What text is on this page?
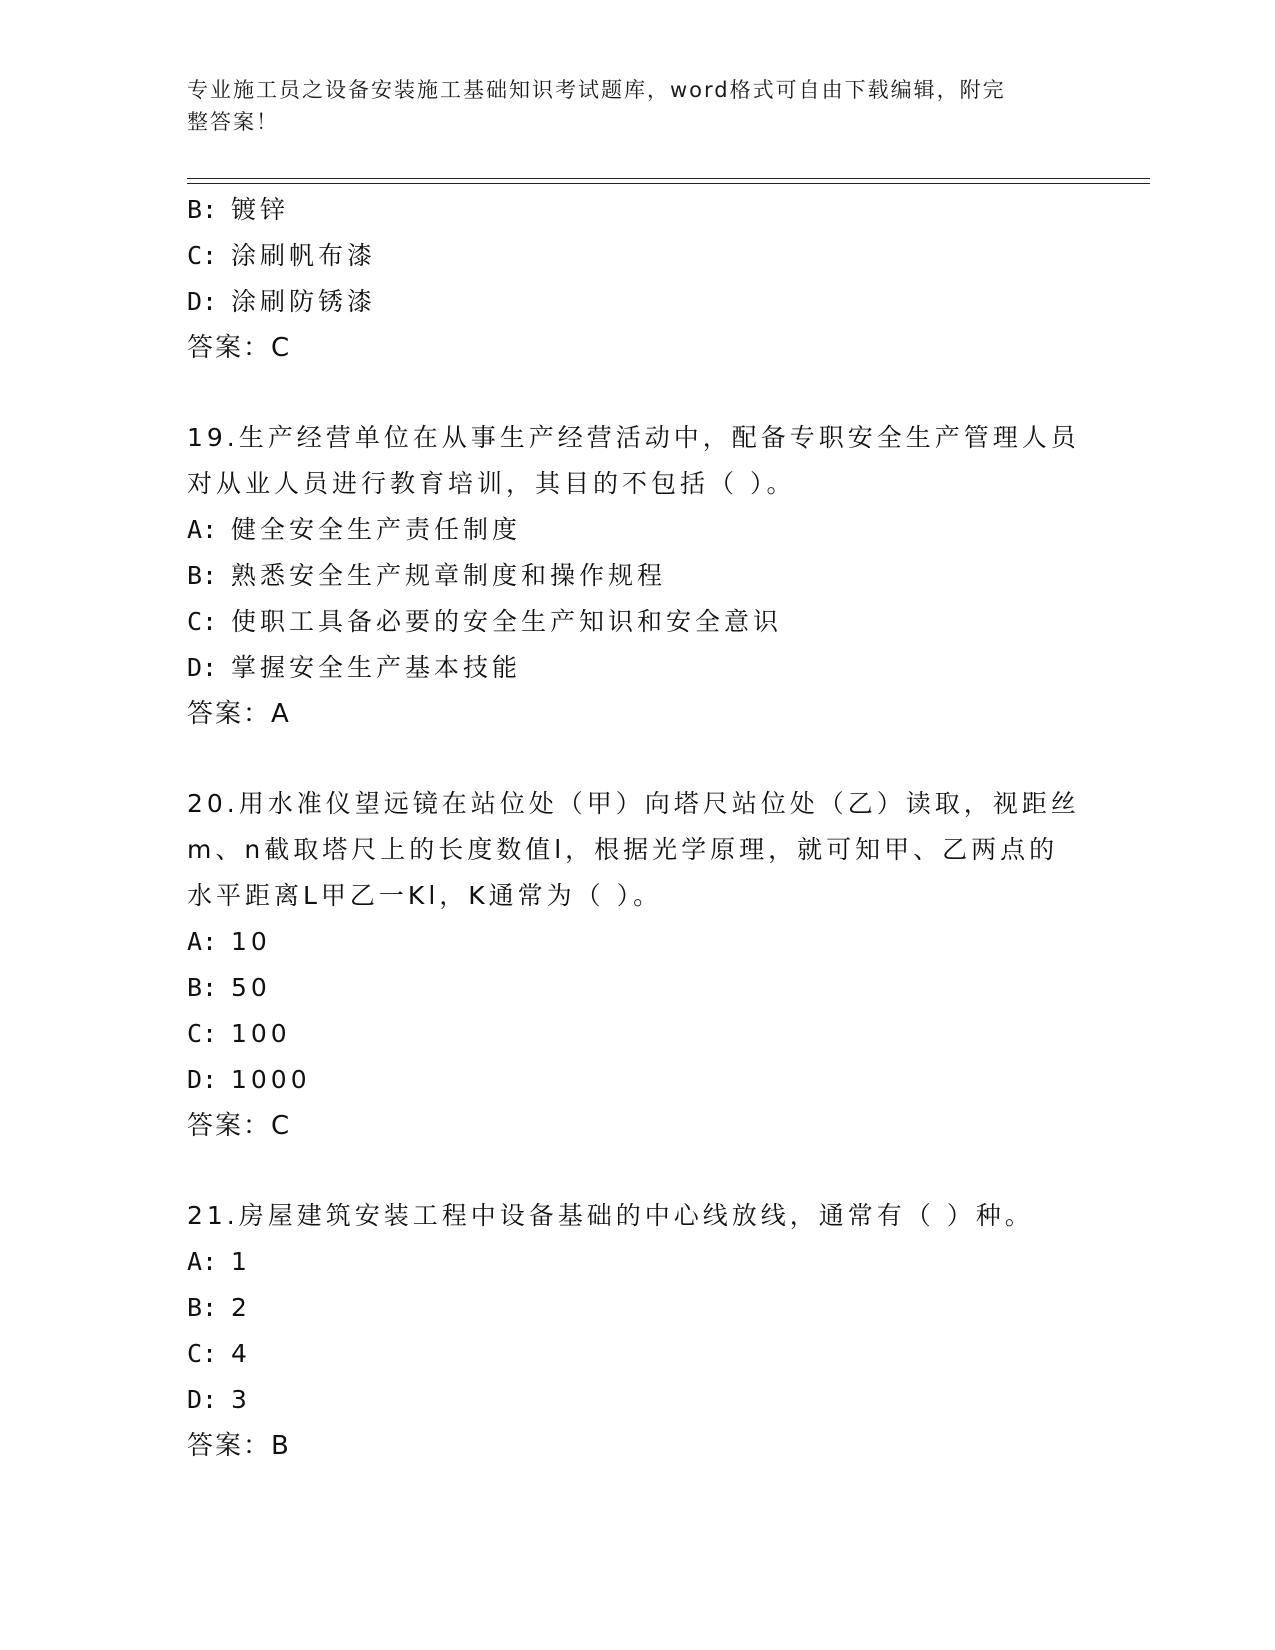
专业施工员之设备安装施工基础知识考试题库，word格式可自由下载编辑，附完
整答案！
B: 镀锌
C: 涂刷帆布漆
D: 涂刷防锈漆
答案：C
19.生产经营单位在从事生产经营活动中，配备专职安全生产管理人员
对从业人员进行教育培训，其目的不包括（ ）。
A: 健全安全生产责任制度
B: 熟悉安全生产规章制度和操作规程
C: 使职工具备必要的安全生产知识和安全意识
D: 掌握安全生产基本技能
答案：A
20.用水准仪望远镜在站位处（甲）向塔尺站位处（乙）读取，视距丝
m、n截取塔尺上的长度数值l，根据光学原理，就可知甲、乙两点的
水平距离L甲乙一Kl，K通常为（ ）。
A: 10
B: 50
C: 100
D: 1000
答案：C
21.房屋建筑安装工程中设备基础的中心线放线，通常有（ ）种。
A: 1
B: 2
C: 4
D: 3
答案：B
